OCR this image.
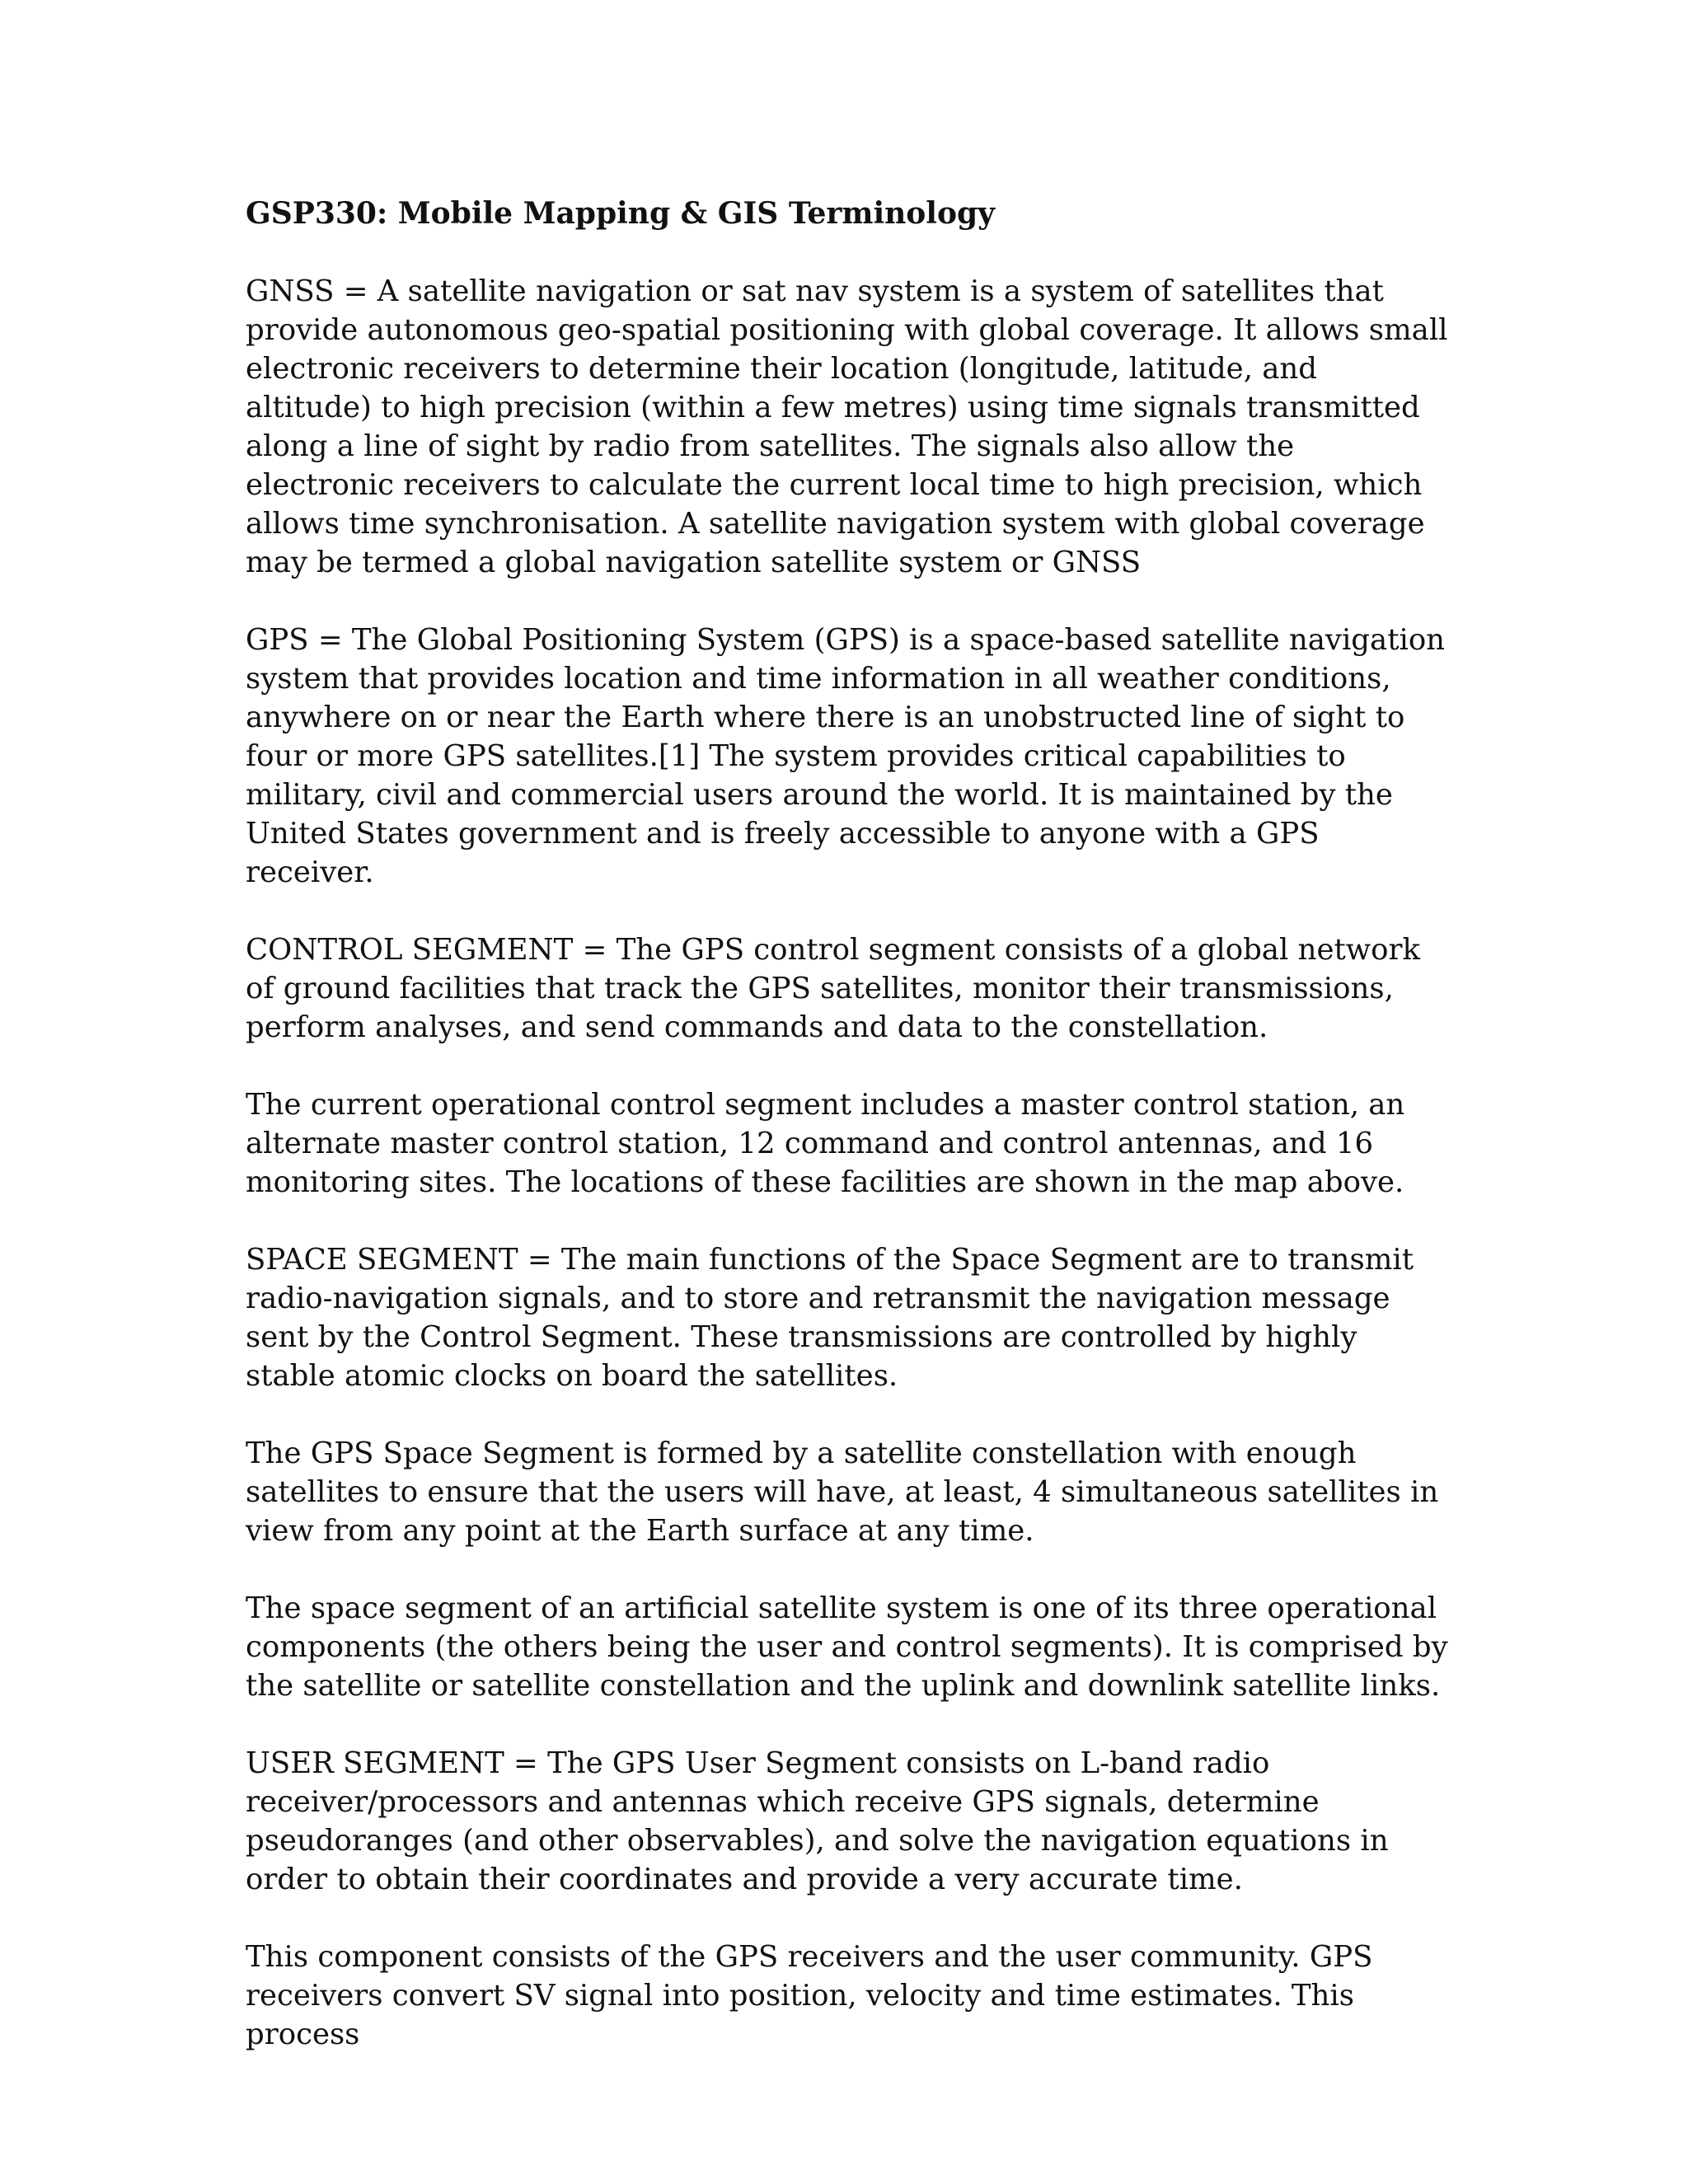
GSP330: Mobile Mapping & GIS Terminology

GNSS = A satellite navigation or sat nav system is a system of satellites that provide autonomous geo-spatial positioning with global coverage. It allows small electronic receivers to determine their location (longitude, latitude, and altitude) to high precision (within a few metres) using time signals transmitted along a line of sight by radio from satellites. The signals also allow the electronic receivers to calculate the current local time to high precision, which allows time synchronisation. A satellite navigation system with global coverage may be termed a global navigation satellite system or GNSS

GPS = The Global Positioning System (GPS) is a space-based satellite navigation system that provides location and time information in all weather conditions, anywhere on or near the Earth where there is an unobstructed line of sight to four or more GPS satellites.[1] The system provides critical capabilities to military, civil and commercial users around the world. It is maintained by the United States government and is freely accessible to anyone with a GPS receiver.

CONTROL SEGMENT = The GPS control segment consists of a global network of ground facilities that track the GPS satellites, monitor their transmissions, perform analyses, and send commands and data to the constellation.

The current operational control segment includes a master control station, an alternate master control station, 12 command and control antennas, and 16 monitoring sites. The locations of these facilities are shown in the map above.

SPACE SEGMENT = The main functions of the Space Segment are to transmit radio-navigation signals, and to store and retransmit the navigation message sent by the Control Segment. These transmissions are controlled by highly stable atomic clocks on board the satellites.

The GPS Space Segment is formed by a satellite constellation with enough satellites to ensure that the users will have, at least, 4 simultaneous satellites in view from any point at the Earth surface at any time.

The space segment of an artificial satellite system is one of its three operational components (the others being the user and control segments). It is comprised by the satellite or satellite constellation and the uplink and downlink satellite links.

USER SEGMENT = The GPS User Segment consists on L-band radio receiver/processors and antennas which receive GPS signals, determine pseudoranges (and other observables), and solve the navigation equations in order to obtain their coordinates and provide a very accurate time.

This component consists of the GPS receivers and the user community. GPS receivers convert SV signal into position, velocity and time estimates. This process
